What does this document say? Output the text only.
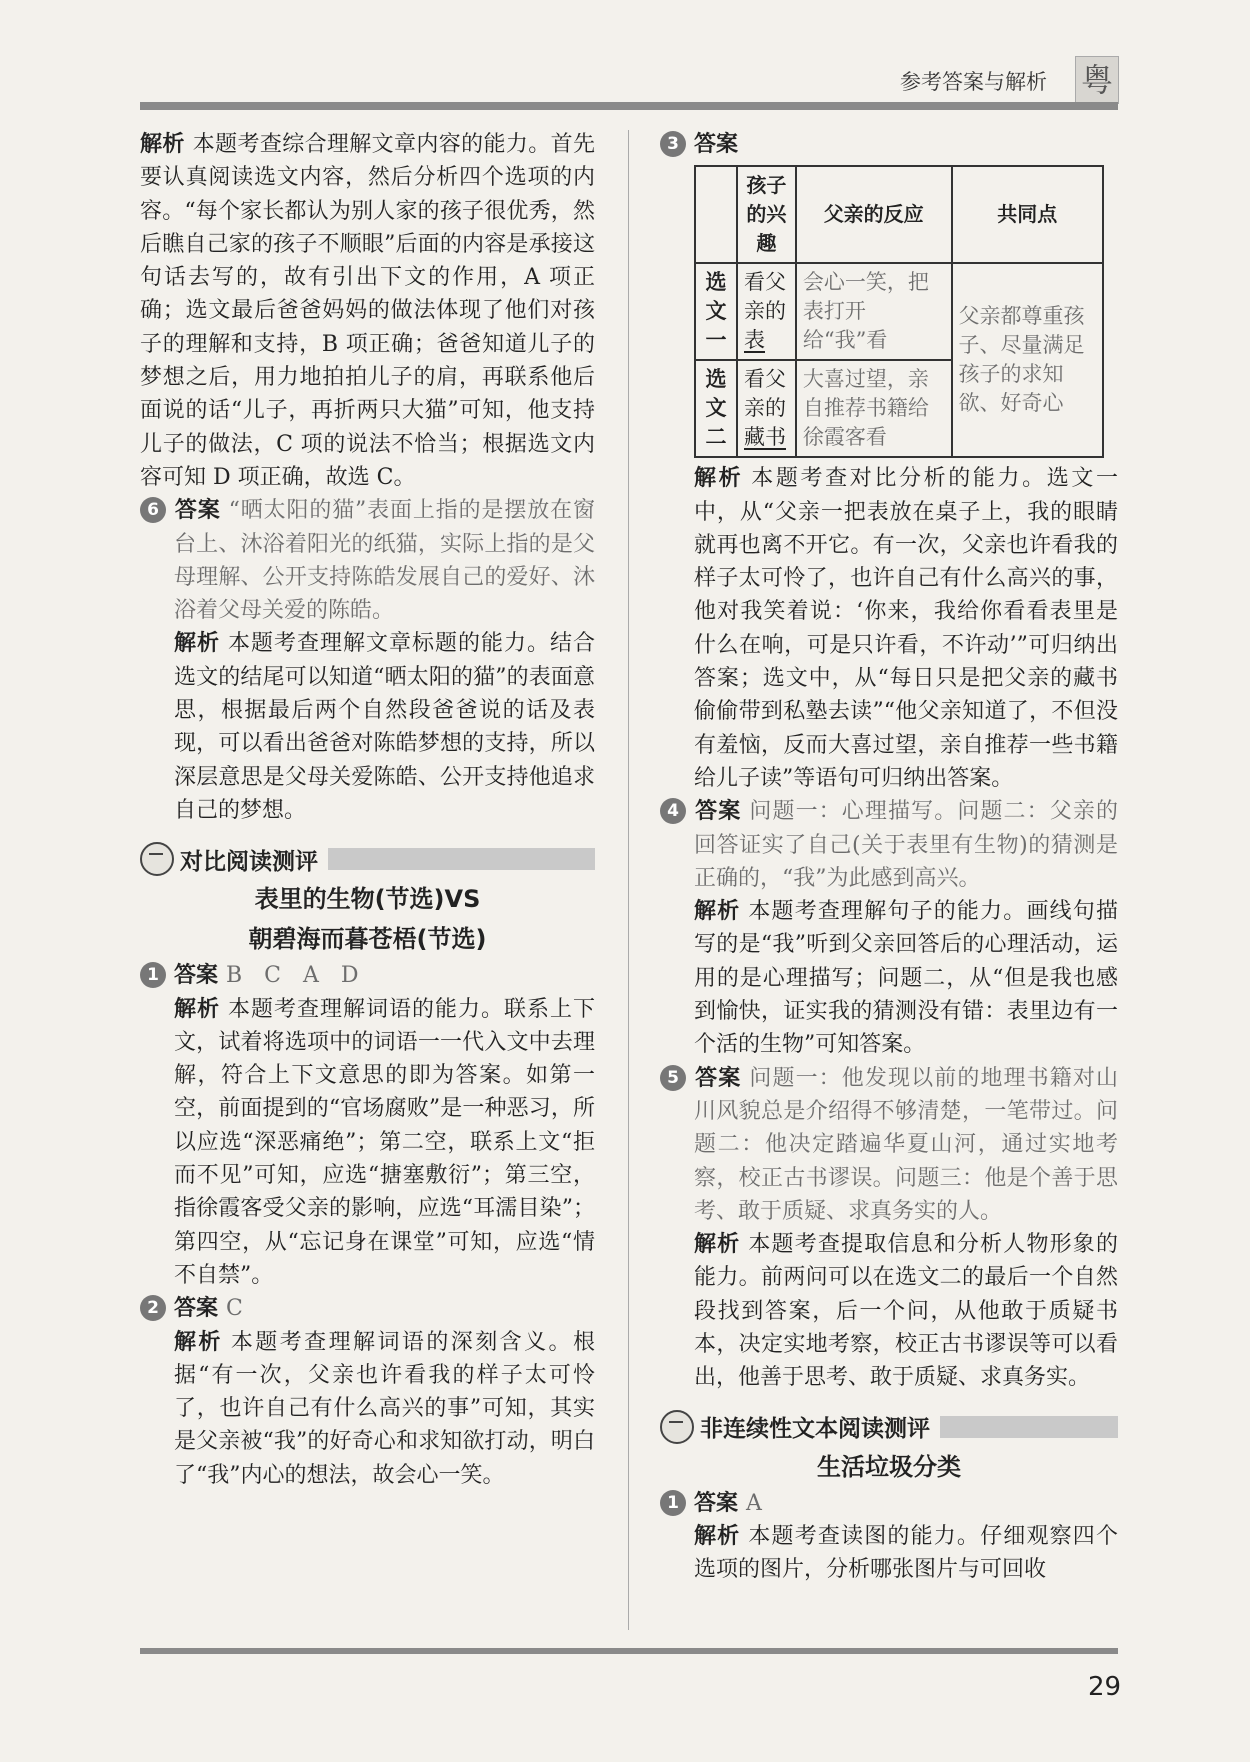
参考答案与解析 粤
29

解析 本题考查综合理解文章内容的能力。首先要认真阅读选文内容，然后分析四个选项的内容。“每个家长都认为别人家的孩子很优秀，然后瞧自己家的孩子不顺眼”后面的内容是承接这句话去写的，故有引出下文的作用，A 项正确；选文最后爸爸妈妈的做法体现了他们对孩子的理解和支持，B 项正确；爸爸知道儿子的梦想之后，用力地拍拍儿子的肩，再联系他后面说的话“儿子，再折两只大猫”可知，他支持儿子的做法，C 项的说法不恰当；根据选文内容可知 D 项正确，故选 C。

6 答案 “晒太阳的猫”表面上指的是摆放在窗台上、沐浴着阳光的纸猫，实际上指的是父母理解、公开支持陈皓发展自己的爱好、沐浴着父母关爱的陈皓。

解析 本题考查理解文章标题的能力。结合选文的结尾可以知道“晒太阳的猫”的表面意思，根据最后两个自然段爸爸说的话及表现，可以看出爸爸对陈皓梦想的支持，所以深层意思是父母关爱陈皓、公开支持他追求自己的梦想。

对比阅读测评
表里的生物(节选)VS
朝碧海而暮苍梧(节选)

1 答案 B　C　A　D

解析 本题考查理解词语的能力。联系上下文，试着将选项中的词语一一代入文中去理解，符合上下文意思的即为答案。如第一空，前面提到的“官场腐败”是一种恶习，所以应选“深恶痛绝”；第二空，联系上文“拒而不见”可知，应选“搪塞敷衍”；第三空，指徐霞客受父亲的影响，应选“耳濡目染”；第四空，从“忘记身在课堂”可知，应选“情不自禁”。

2 答案 C

解析 本题考查理解词语的深刻含义。根据“有一次，父亲也许看我的样子太可怜了，也许自己有什么高兴的事”可知，其实是父亲被“我”的好奇心和求知欲打动，明白了“我”内心的想法，故会心一笑。

3 答案

	孩子的兴趣	父亲的反应	共同点
选文一	看父亲的表	会心一笑，把表打开给“我”看	父亲都尊重孩子、尽量满足孩子的求知欲、好奇心
选文二	看父亲的藏书	大喜过望，亲自推荐书籍给徐霞客看	

解析 本题考查对比分析的能力。选文一中，从“父亲一把表放在桌子上，我的眼睛就再也离不开它。有一次，父亲也许看我的样子太可怜了，也许自己有什么高兴的事，他对我笑着说：‘你来，我给你看看表里是什么在响，可是只许看，不许动’”可归纳出答案；选文中，从“每日只是把父亲的藏书偷偷带到私塾去读”“他父亲知道了，不但没有羞恼，反而大喜过望，亲自推荐一些书籍给儿子读”等语句可归纳出答案。

4 答案 问题一：心理描写。问题二：父亲的回答证实了自己(关于表里有生物)的猜测是正确的，“我”为此感到高兴。

解析 本题考查理解句子的能力。画线句描写的是“我”听到父亲回答后的心理活动，运用的是心理描写；问题二，从“但是我也感到愉快，证实我的猜测没有错：表里边有一个活的生物”可知答案。

5 答案 问题一：他发现以前的地理书籍对山川风貌总是介绍得不够清楚，一笔带过。问题二：他决定踏遍华夏山河，通过实地考察，校正古书谬误。问题三：他是个善于思考、敢于质疑、求真务实的人。

解析 本题考查提取信息和分析人物形象的能力。前两问可以在选文二的最后一个自然段找到答案，后一个问，从他敢于质疑书本，决定实地考察，校正古书谬误等可以看出，他善于思考、敢于质疑、求真务实。

非连续性文本阅读测评
生活垃圾分类

1 答案 A

解析 本题考查读图的能力。仔细观察四个选项的图片，分析哪张图片与可回收
